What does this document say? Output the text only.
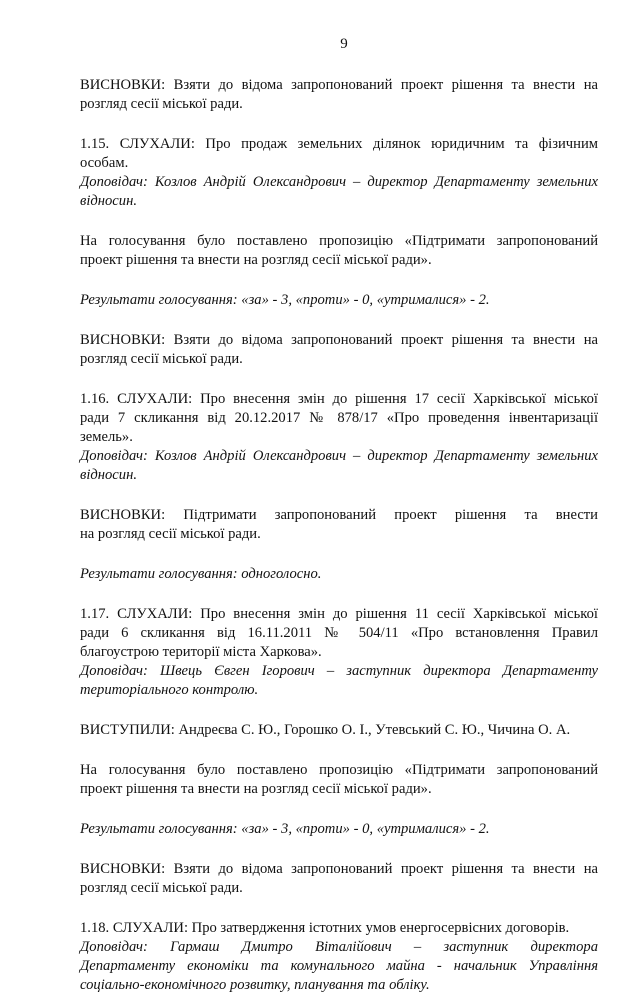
9

ВИСНОВКИ: Взяти до відома запропонований проект рішення та внести на
розгляд сесії міської ради.

1.15. СЛУХАЛИ: Про продаж земельних ділянок юридичним та фізичним
особам.

Доповідач: Козлов Андрій Олександрович – директор Департаменту земельних
відносин.

На голосування було поставлено пропозицію «Підтримати запропонований
проект рішення та внести на розгляд сесії міської ради».

Результати голосування: «за» - 3, «проти» - 0, «утрималися» - 2.

ВИСНОВКИ: Взяти до відома запропонований проект рішення та внести на
розгляд сесії міської ради.

1.16. СЛУХАЛИ: Про внесення змін до рішення 17 сесії Харківської міської
ради 7 скликання від 20.12.2017 № 878/17 «Про проведення інвентаризації
земель».

Доповідач: Козлов Андрій Олександрович – директор Департаменту земельних
відносин.

ВИСНОВКИ: Підтримати запропонований проект рішення та внести
на розгляд сесії міської ради.

Результати голосування: одноголосно.

1.17. СЛУХАЛИ: Про внесення змін до рішення 11 сесії Харківської міської
ради 6 скликання від 16.11.2011 № 504/11 «Про встановлення Правил
благоустрою території міста Харкова».

Доповідач: Швець Євген Ігорович – заступник директора Департаменту
територіального контролю.

ВИСТУПИЛИ: Андреєва С. Ю., Горошко О. І., Утевський С. Ю., Чичина О. А.

На голосування було поставлено пропозицію «Підтримати запропонований
проект рішення та внести на розгляд сесії міської ради».

Результати голосування: «за» - 3, «проти» - 0, «утрималися» - 2.

ВИСНОВКИ: Взяти до відома запропонований проект рішення та внести на
розгляд сесії міської ради.

1.18. СЛУХАЛИ: Про затвердження істотних умов енергосервісних договорів.

Доповідач: Гармаш Дмитро Віталійович – заступник директора
Департаменту економіки та комунального майна - начальник Управління
соціально-економічного розвитку, планування та обліку.
